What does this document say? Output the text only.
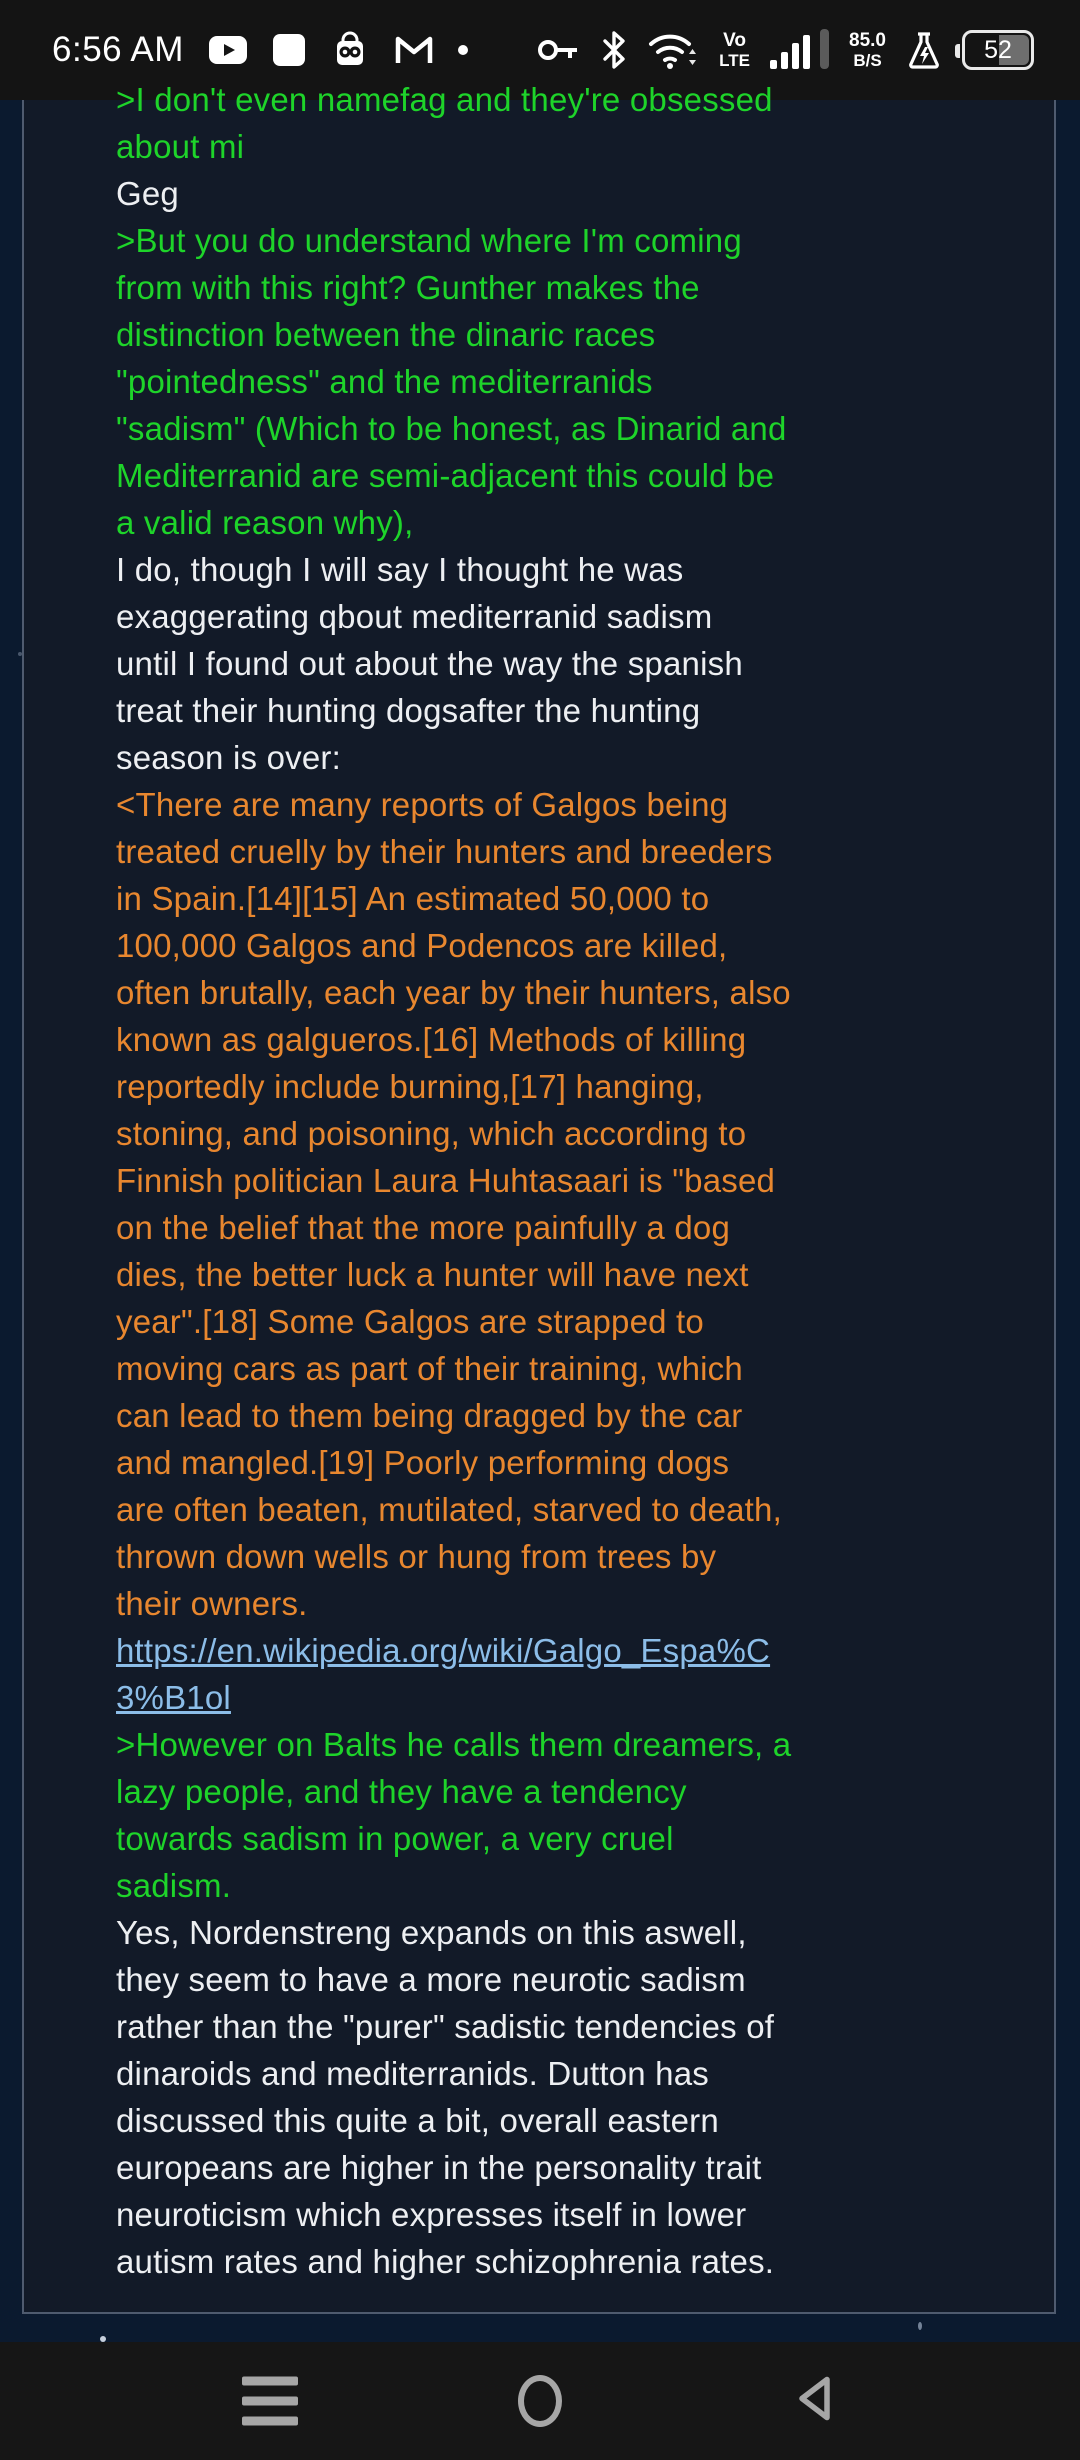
6:56 AM	Vo
LTE
85.0
B/S	52
>I don't even namefag and they're obsessed
about mi
Geg
>But you do understand where I'm coming
from with this right? Gunther makes the
distinction between the dinaric races
"pointedness" and the mediterranids
"sadism" (Which to be honest, as Dinarid and
Mediterranid are semi-adjacent this could be
a valid reason why),
I do, though I will say I thought he was
exaggerating qbout mediterranid sadism
until I found out about the way the spanish
treat their hunting dogsafter the hunting
season is over:
<There are many reports of Galgos being
treated cruelly by their hunters and breeders
in Spain.[14][15] An estimated 50,000 to
100,000 Galgos and Podencos are killed,
often brutally, each year by their hunters, also
known as galgueros.[16] Methods of killing
reportedly include burning,[17] hanging,
stoning, and poisoning, which according to
Finnish politician Laura Huhtasaari is "based
on the belief that the more painfully a dog
dies, the better luck a hunter will have next
year".[18] Some Galgos are strapped to
moving cars as part of their training, which
can lead to them being dragged by the car
and mangled.[19] Poorly performing dogs
are often beaten, mutilated, starved to death,
thrown down wells or hung from trees by
their owners.
https://en.wikipedia.org/wiki/Galgo_Espa%C
3%B1ol
>However on Balts he calls them dreamers, a
lazy people, and they have a tendency
towards sadism in power, a very cruel
sadism.
Yes, Nordenstreng expands on this aswell,
they seem to have a more neurotic sadism
rather than the "purer" sadistic tendencies of
dinaroids and mediterranids. Dutton has
discussed this quite a bit, overall eastern
europeans are higher in the personality trait
neuroticism which expresses itself in lower
autism rates and higher schizophrenia rates.
